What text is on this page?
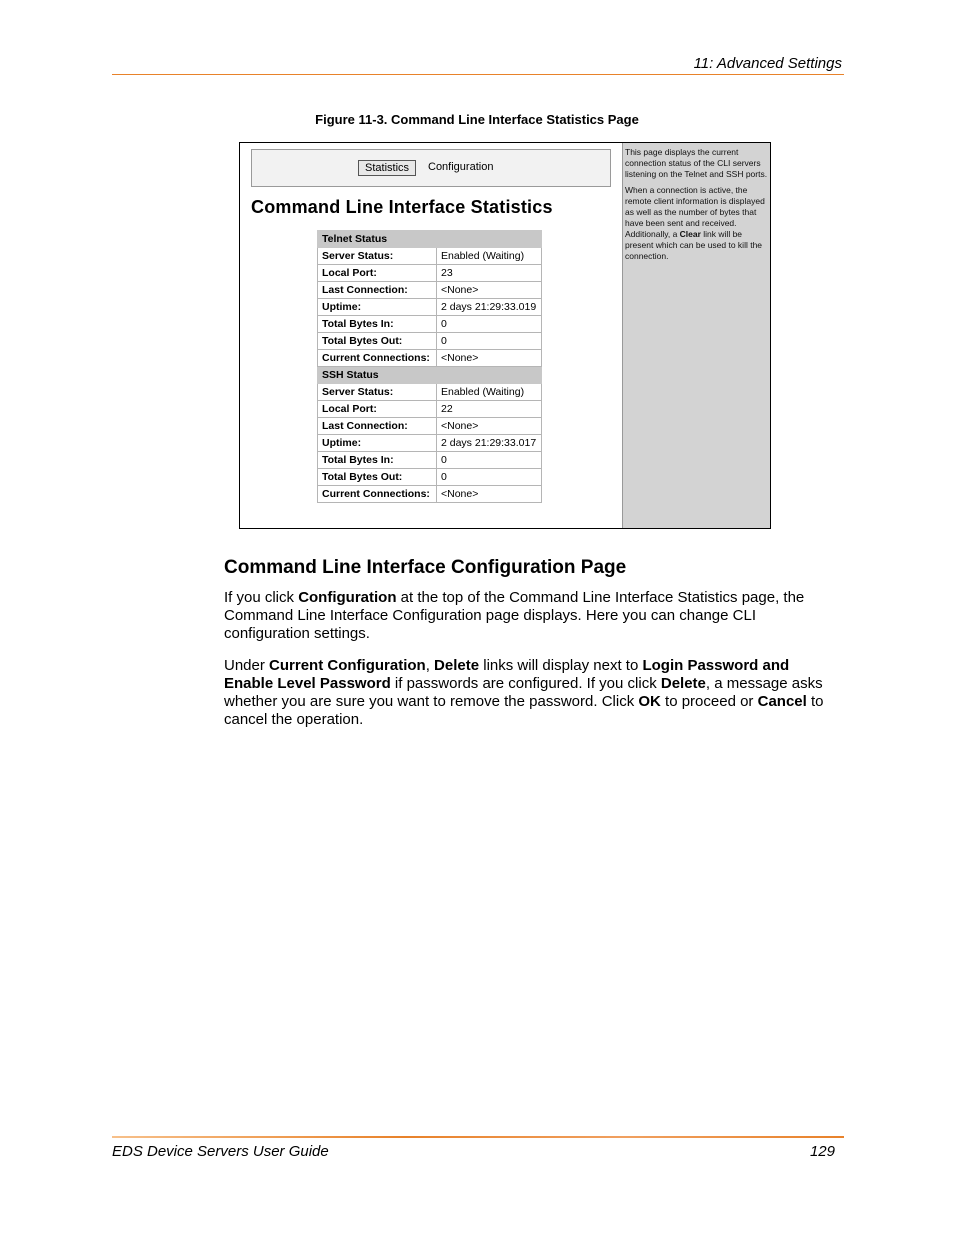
11: Advanced Settings
Figure 11-3. Command Line Interface Statistics Page
Statistics	Configuration
Command Line Interface Statistics
Telnet Status	
Server Status:	Enabled (Waiting)
Local Port:	23
Last Connection:	<None>
Uptime:	2 days 21:29:33.019
Total Bytes In:	0
Total Bytes Out:	0
Current Connections:	<None>
SSH Status	
Server Status:	Enabled (Waiting)
Local Port:	22
Last Connection:	<None>
Uptime:	2 days 21:29:33.017
Total Bytes In:	0
Total Bytes Out:	0
Current Connections:	<None>

This page displays the current connection status of the CLI servers listening on the Telnet and SSH ports.

When a connection is active, the remote client information is displayed as well as the number of bytes that have been sent and received. Additionally, a Clear link will be present which can be used to kill the connection.

Command Line Interface Configuration Page

If you click Configuration at the top of the Command Line Interface Statistics page, the Command Line Interface Configuration page displays. Here you can change CLI configuration settings.

Under Current Configuration, Delete links will display next to Login Password and Enable Level Password if passwords are configured. If you click Delete, a message asks whether you are sure you want to remove the password. Click OK to proceed or Cancel to cancel the operation.

EDS Device Servers User Guide	129
